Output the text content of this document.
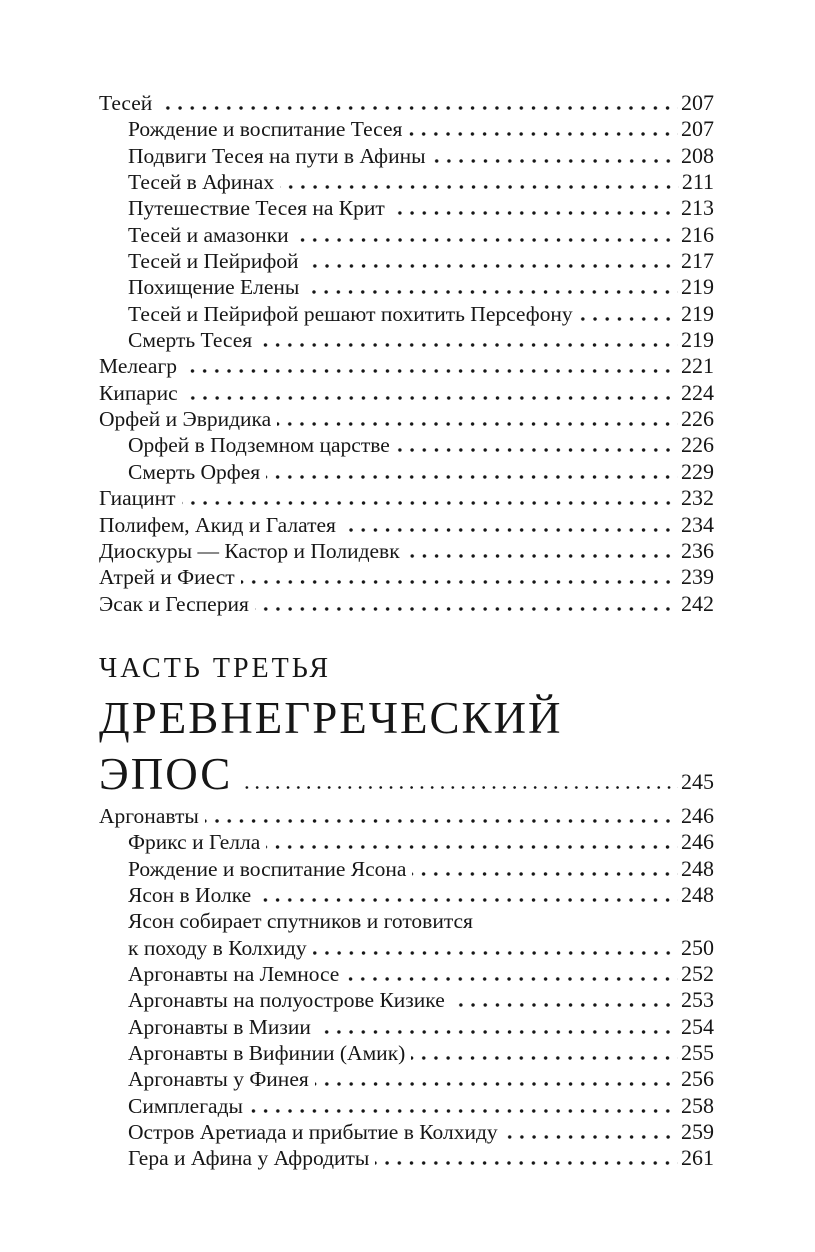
Тесей	207
Рождение и воспитание Тесея	207
Подвиги Тесея на пути в Афины	208
Тесей в Афинах	211
Путешествие Тесея на Крит	213
Тесей и амазонки	216
Тесей и Пейрифой	217
Похищение Елены	219
Тесей и Пейрифой решают похитить Персефону	219
Смерть Тесея	219
Мелеагр	221
Кипарис	224
Орфей и Эвридика	226
Орфей в Подземном царстве	226
Смерть Орфея	229
Гиацинт	232
Полифем, Акид и Галатея	234
Диоскуры — Кастор и Полидевк	236
Атрей и Фиест	239
Эсак и Гесперия	242
ЧАСТЬ ТРЕТЬЯ
ДРЕВНЕГРЕЧЕСКИЙ
ЭПОС	245
Аргонавты	246
Фрикс и Гелла	246
Рождение и воспитание Ясона	248
Ясон в Иолке	248
Ясон собирает спутников и готовится
к походу в Колхиду	250
Аргонавты на Лемносе	252
Аргонавты на полуострове Кизике	253
Аргонавты в Мизии	254
Аргонавты в Вифинии (Амик)	255
Аргонавты у Финея	256
Симплегады	258
Остров Аретиада и прибытие в Колхиду	259
Гера и Афина у Афродиты	261
